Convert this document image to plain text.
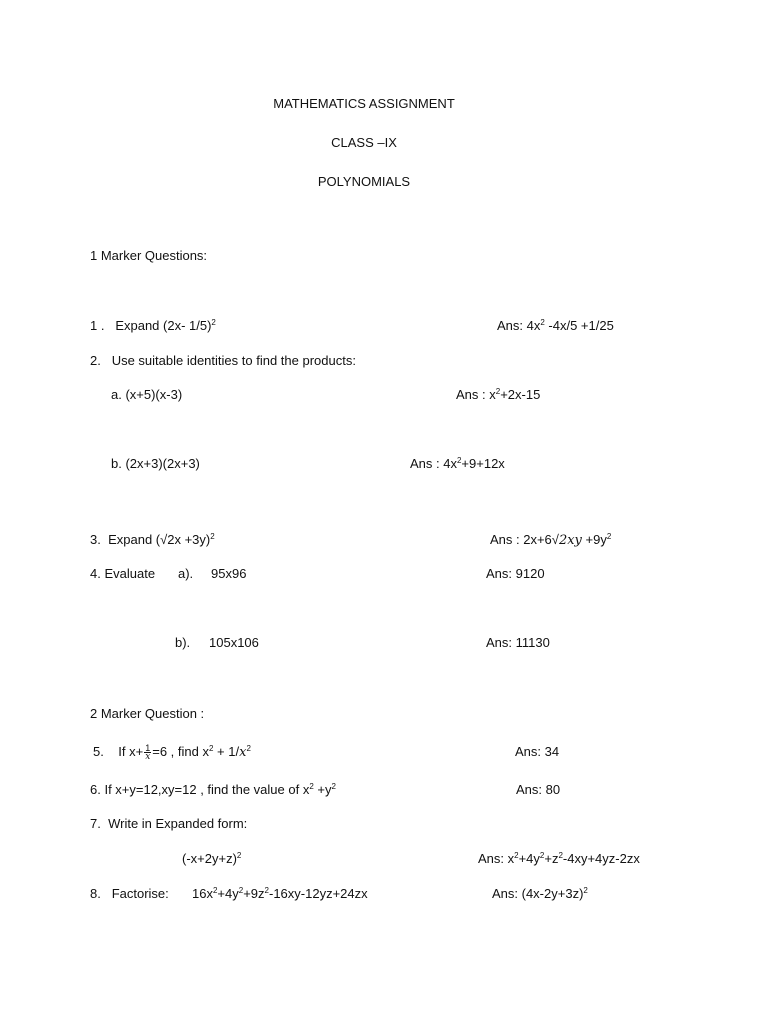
MATHEMATICS ASSIGNMENT
CLASS –IX
POLYNOMIALS
1 Marker Questions:
1 . Expand (2x- 1/5)$^2$	Ans: $4x^2$ -4x/5 +1/25
2. Use suitable identities to find the products:
a. (x+5)(x-3)	Ans : $x^2+2x-15$
b. (2x+3)(2x+3)	Ans : $4x^2+9+12x$
3. Expand $(√2x +3y)^2$	Ans : $2x+6√2xy +9y^2$
4. Evaluate a). 95x96	Ans: 9120
b). 105x106	Ans: 11130
2 Marker Question :
5. If $x+ \frac{1}{x} =6$ , find $x^2 + 1/x^2$	Ans: 34
6. If x+y=12,xy=12 , find the value of $x^2 +y^2$	Ans: 80
7. Write in Expanded form:
$(-x+2y+z)^2$	Ans: $x^2+4y^2+z^2-4xy+4yz-2zx$
8. Factorise: $16x^2+4y^2+9z^2-16xy-12yz+24zx$	Ans: $(4x-2y+3z)^2$
